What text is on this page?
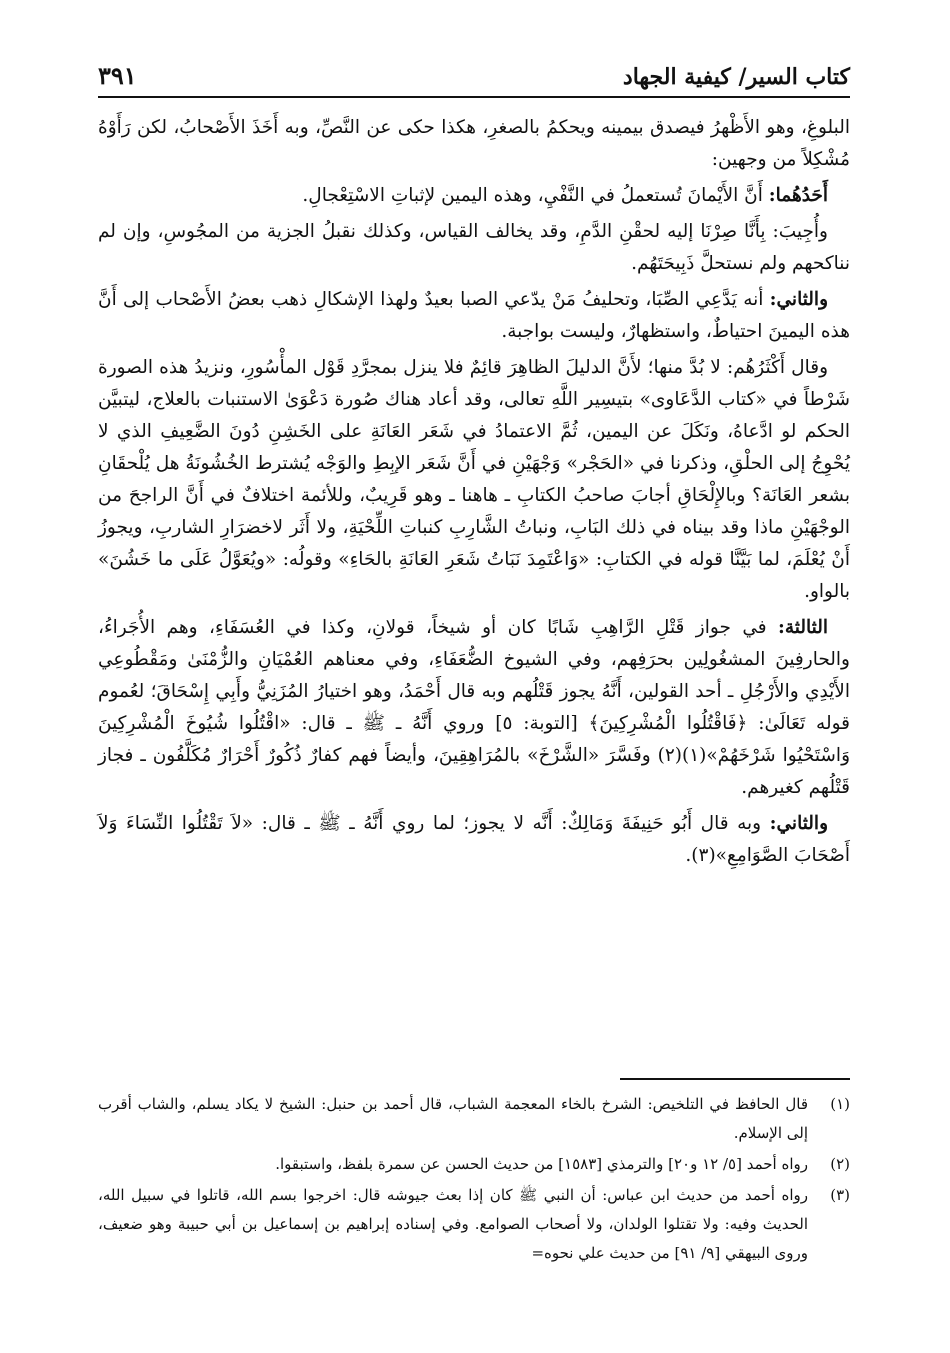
كتاب السير/ كيفية الجهاد
٣٩١

البلوغِ، وهو الأَظْهرُ فيصدق بيمينه ويحكمُ بالصغرِ، هكذا حكى عن النَّصِّ، وبه أَخَذَ الأَصْحابُ، لكن رَأَوْهُ مُشْكِلاً من وجهين:

أَحَدُهُما: أَنَّ الأَيْمانَ تُستعملُ في النَّفْيِ، وهذه اليمين لإثباتِ الاسْتِعْجالِ.

وأُجِيبَ: بِأَنَّا صِرْنَا إليه لحقْنِ الدَّمِ، وقد يخالف القياس، وكذلك نقبلُ الجزية من المجُوسِ، وإن لم نناكحهم ولم نستحلَّ ذَبِيحَتَهُم.

والثاني: أنه يَدَّعِي الصِّبَا، وتحليفُ مَنْ يدّعي الصبا بعيدٌ ولهذا الإشكالِ ذهب بعضُ الأَصْحاب إلى أَنَّ هذه اليمينَ احتياطٌ، واستظهارٌ، وليست بواجبة.

وقال أَكْثَرُهُم: لا بُدَّ منها؛ لأَنَّ الدليلَ الظاهِرَ قائِمٌ فلا ينزل بمجرَّدِ قَوْل المأْسُورِ، ونزيدُ هذه الصورة شَرْطاً في «كتاب الدَّعَاوى» بتيسِير اللَّهِ تعالى، وقد أعاد هناك صُورة دَعْوَىٰ الاستنبات بالعلاج، ليتبيَّن الحكم لو ادَّعاهُ، ونَكَلَ عن اليمين، ثُمَّ الاعتمادُ في شَعَر العَانَةِ على الخَشِنِ دُونَ الضَّعِيفِ الذي لا يُحْوِجُ إلى الحلْقِ، وذكرنا في «الحَجْر» وَجْهَيْنِ في أَنَّ شَعَر الإبِطِ والوَجْه يُشترط الخُشُونَةُ هل يُلْحقَانِ بشعر العَانَة؟ وبالإِلْحَاقِ أجابَ صاحبُ الكتابِ ـ هاهنا ـ وهو قَرِيبٌ، وللأئمة اختلافٌ في أَنَّ الراجحَ من الوجْهَيْنِ ماذا وقد بيناه في ذلك البَابِ، ونباتُ الشَّارِبِ كنباتِ اللِّحْيَةِ، ولا أَثَر لاخضرَارِ الشاربِ، ويجوزُ أَنْ يُعْلَمَ، لما بَيَّنَّا قوله في الكتابِ: «وَاعْتَمِدَ نَبَاتُ شَعَرِ العَانَةِ بالحَاءِ» وقولُه: «ويُعَوَّلُ عَلَى ما خَشُنَ» بالواو.

الثالثة: في جواز قَتْلِ الرَّاهِبِ شَابًا كان أو شيخاً، قولانِ، وكذا في العُسَفَاءِ، وهم الأُجَراءُ، والحارفِينَ المشغُولِين بحرَفِهم، وفي الشيوخ الضُّعَفَاءِ، وفي معناهم العُمْيَانِ والزُّمْنَىٰ ومَقْطُوعِي الأَيْدِي والأَرْجُلِ ـ أحد القولين، أَنَّهُ يجوز قَتْلُهم وبه قال أَحْمَدُ، وهو اختيارُ المُزَنِيُّ وأَبِي إِسْحَاقَ؛ لعُموم قوله تَعَالَىٰ: ﴿فَاقْتُلُوا الْمُشْرِكِينَ﴾ [التوبة: ٥] وروي أَنَّهُ ـ ﷺ ـ قال: «اقْتُلُوا شُيُوخَ الْمُشْرِكِينَ وَاسْتَحْيُوا شَرْخَهُمْ»(١)(٢) وفَسَّرَ «الشَّرْخَ» بالمُرَاهِقِينَ، وأيضاً فهم كفارٌ ذُكُورٌ أَحْرَارٌ مُكَلَّفُون ـ فجاز قَتْلُهم كغيرهم.

والثاني: وبه قال أَبُو حَنِيفَةَ وَمَالِكٌ: أَنَّه لا يجوز؛ لما روي أَنَّهُ ـ ﷺ ـ قال: «لاَ تَقْتُلُوا النِّسَاءَ وَلاَ أَصْحَابَ الصَّوَامِعِ»(٣).

(١)
قال الحافظ في التلخيص: الشرخ بالخاء المعجمة الشباب، قال أحمد بن حنبل: الشيخ لا يكاد يسلم، والشاب أقرب إلى الإسلام.
(٢)
رواه أحمد [٥/ ١٢ و٢٠] والترمذي [١٥٨٣] من حديث الحسن عن سمرة بلفظ، واستبقوا.
(٣)
رواه أحمد من حديث ابن عباس: أن النبي ﷺ كان إذا بعث جيوشه قال: اخرجوا بسم الله، قاتلوا في سبيل الله، الحديث وفيه: ولا تقتلوا الولدان، ولا أصحاب الصوامع. وفي إسناده إبراهيم بن إسماعيل بن أبي حبيبة وهو ضعيف، وروى البيهقي [٩/ ٩١] من حديث علي نحوه=
